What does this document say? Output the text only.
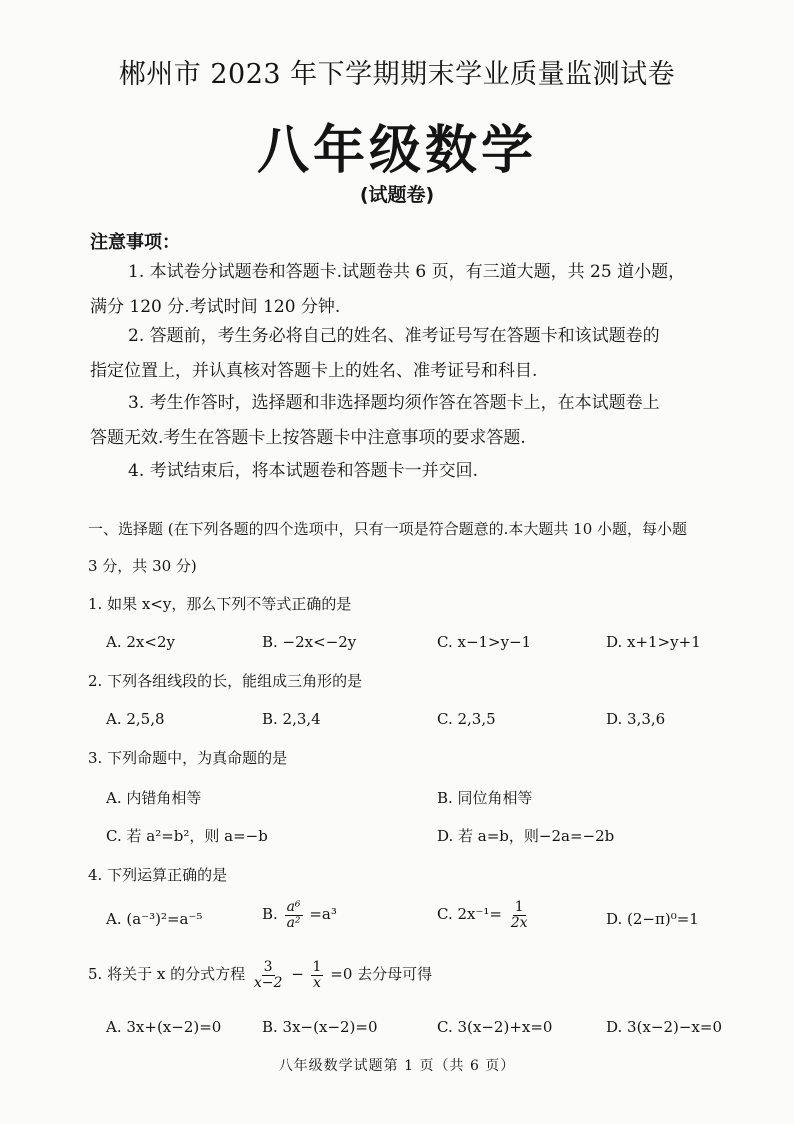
郴州市 2023 年下学期期末学业质量监测试卷
八年级数学
(试题卷)
注意事项：
1. 本试卷分试题卷和答题卡.试题卷共 6 页，有三道大题，共 25 道小题，
满分 120 分.考试时间 120 分钟.
2. 答题前，考生务必将自己的姓名、准考证号写在答题卡和该试题卷的
指定位置上，并认真核对答题卡上的姓名、准考证号和科目.
3. 考生作答时，选择题和非选择题均须作答在答题卡上，在本试题卷上
答题无效.考生在答题卡上按答题卡中注意事项的要求答题.
4. 考试结束后，将本试题卷和答题卡一并交回.
一、选择题 (在下列各题的四个选项中，只有一项是符合题意的.本大题共 10 小题，每小题
3 分，共 30 分)
1. 如果 x<y，那么下列不等式正确的是
A. 2x<2y	B. −2x<−2y	C. x−1>y−1	D. x+1>y+1
2. 下列各组线段的长，能组成三角形的是
A. 2,5,8	B. 2,3,4	C. 2,3,5	D. 3,3,6
3. 下列命题中，为真命题的是
A. 内错角相等	B. 同位角相等
C. 若 a²=b²，则 a=−b	D. 若 a=b，则−2a=−2b
4. 下列运算正确的是
A. (a⁻³)²=a⁻⁵	B. $\frac{\text{a⁶}}{\text{a²}} =a^3$	C. $2x^{-1}= \frac{1}{2x}$	D. (2−π)⁰=1
5. 将关于 x 的分式方程 $\frac{3}{x-2} - \frac{1}{x} =0$ 去分母可得
A. 3x+(x−2)=0	B. 3x−(x−2)=0	C. 3(x−2)+x=0	D. 3(x−2)−x=0
八年级数学试题第 1 页（共 6 页）
